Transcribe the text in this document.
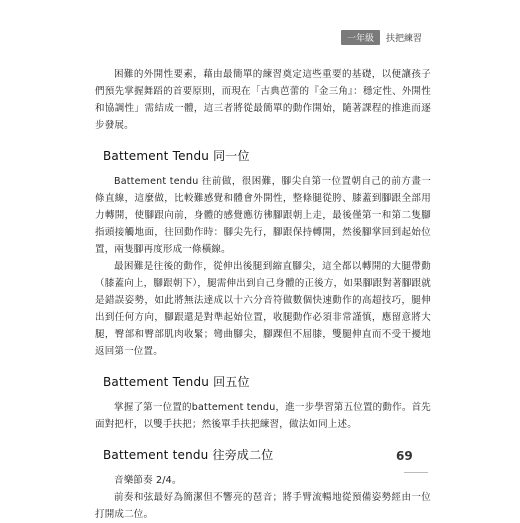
一年級	扶把練習

困難的外開性要素，藉由最簡單的練習奠定這些重要的基礎，以便讓孩子們預先掌握舞蹈的首要原則，而現在「古典芭蕾的『金三角』：穩定性、外開性和協調性」需結成一體，這三者將從最簡單的動作開始，隨著課程的推進而逐步發展。

Battement Tendu 同一位

Battement tendu 往前做，很困難，腳尖自第一位置朝自己的前方畫一條直線，這麼做，比較難感覺和體會外開性，整條腿從胯、膝蓋到腳跟全部用力轉開，使腳跟向前，身體的感覺應彷彿腳跟朝上走，最後僅第一和第二隻腳指頭接觸地面，往回動作時：腳尖先行，腳跟保持轉開，然後腳掌回到起始位置，兩隻腳再度形成一條橫線。

最困難是往後的動作，從伸出後腿到縮直腳尖，這全都以轉開的大腿帶動（膝蓋向上，腳跟朝下），腿需伸出到自己身體的正後方，如果腳跟對著腳跟就是錯誤姿勢，如此將無法達成以十六分音符做數個快速動作的高超技巧，腿伸出到任何方向，腳跟還是對準起始位置，收腿動作必須非常謹慎，應留意將大腿，臀部和臀部肌肉收緊；彎曲腳尖，腳踝但不屈膝，雙腿伸直而不受干擾地返回第一位置。

Battement Tendu 回五位

掌握了第一位置的battement tendu，進一步學習第五位置的動作。首先面對把杆，以雙手扶把；然後單手扶把練習，做法如同上述。

Battement tendu 往旁成二位

音樂節奏 2/4。

前奏和弦最好為簡潔但不響亮的琶音；將手臂流暢地從預備姿勢經由一位打開成二位。

69
